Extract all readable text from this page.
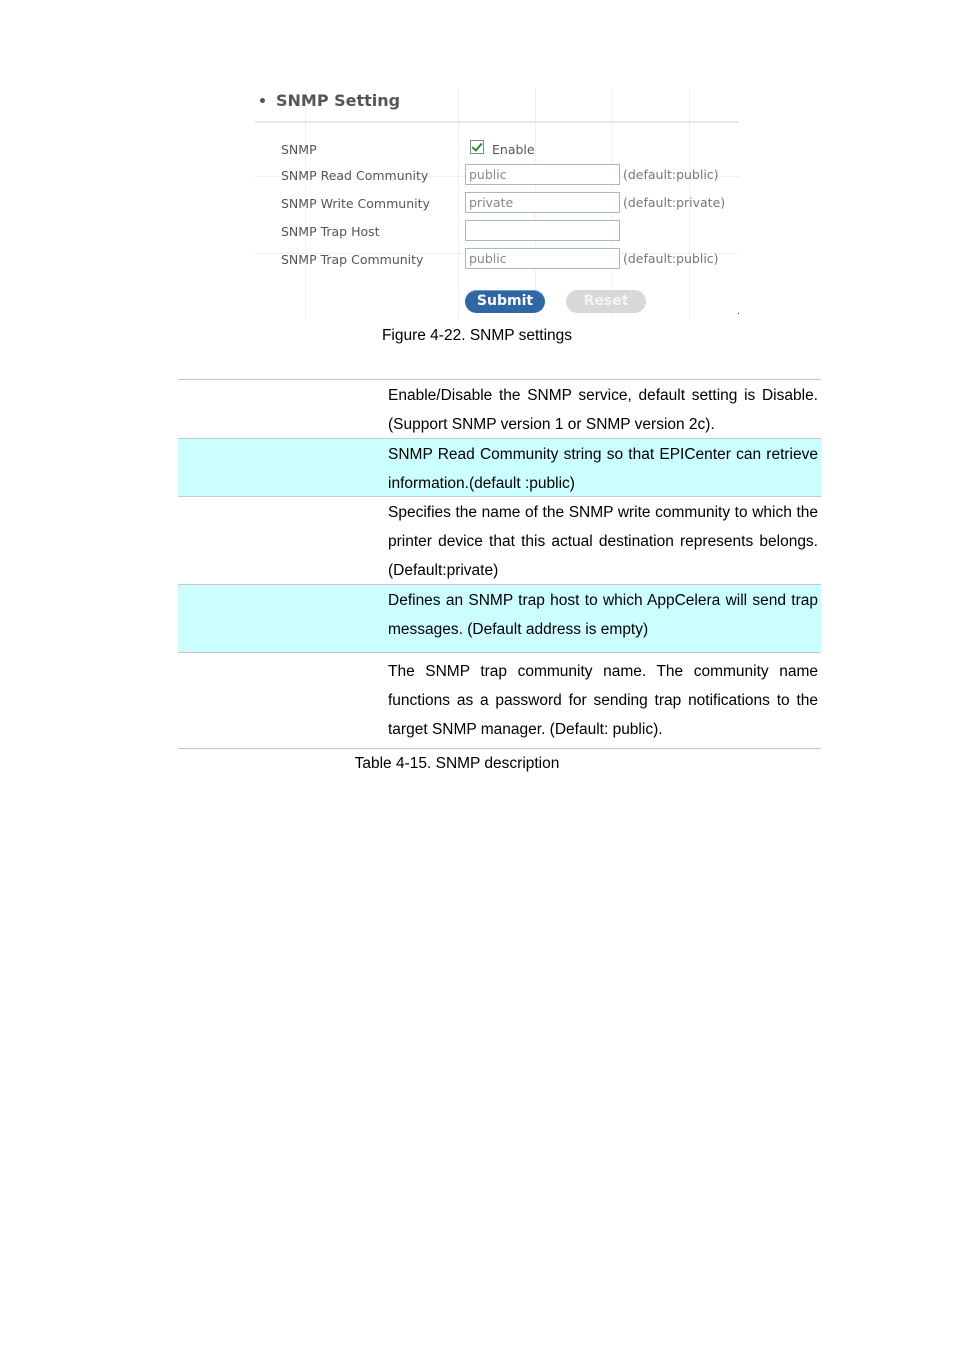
SNMP Setting
SNMP	Enable
SNMP Read Community	public	(default:public)
SNMP Write Community	private	(default:private)
SNMP Trap Host
SNMP Trap Community	public	(default:public)
Submit	Reset
.
Figure 4-22. SNMP settings
Enable/Disable the SNMP service, default setting is Disable. (Support SNMP version 1 or SNMP version 2c).
SNMP Read Community string so that EPICenter can retrieve information.(default :public)
Specifies the name of the SNMP write community to which the printer device that this actual destination represents belongs.(Default:private)
Defines an SNMP trap host to which AppCelera will send trap messages. (Default address is empty)
The SNMP trap community name. The community name functions as a password for sending trap notifications to the target SNMP manager. (Default: public).
Table 4-15. SNMP description
